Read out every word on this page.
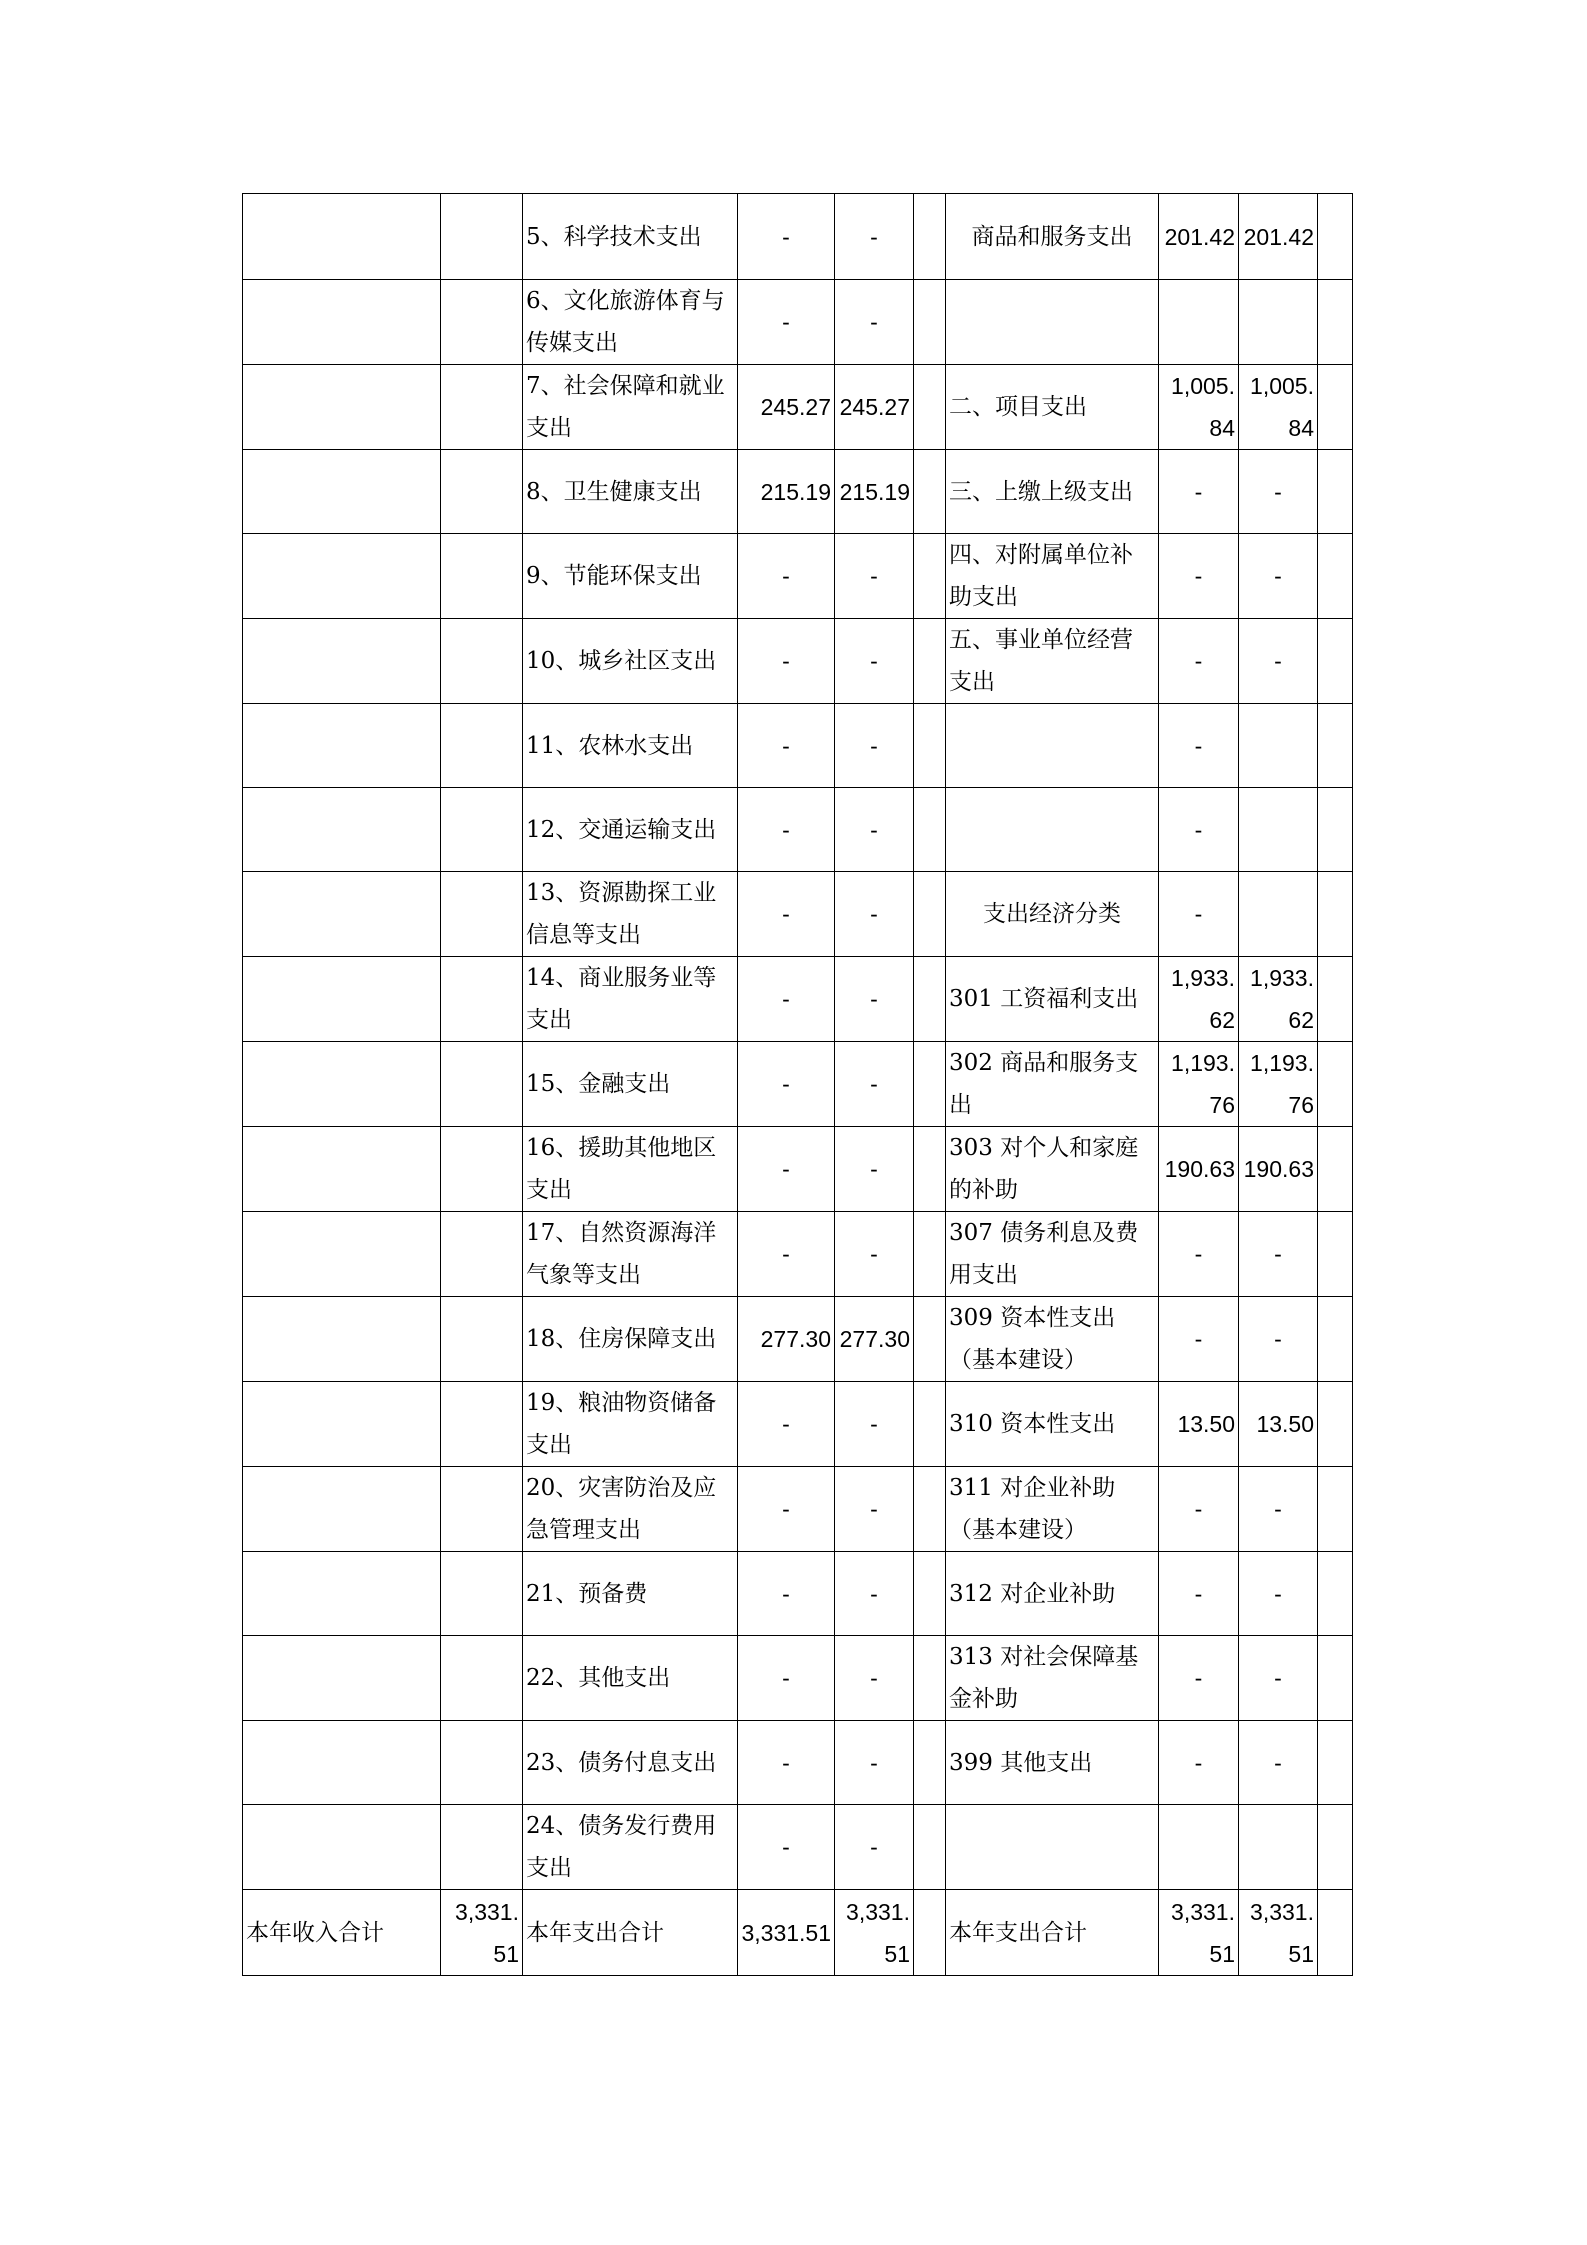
		5、科学技术支出	-	-		商品和服务支出	201.42	201.42	
		6、文化旅游体育与传媒支出	-	-					
		7、社会保障和就业支出	245.27	245.27		二、项目支出	1,005.84	1,005.84	
		8、卫生健康支出	215.19	215.19		三、上缴上级支出	-	-	
		9、节能环保支出	-	-		四、对附属单位补助支出	-	-	
		10、城乡社区支出	-	-		五、事业单位经营支出	-	-	
		11、农林水支出	-	-			-		
		12、交通运输支出	-	-			-		
		13、资源勘探工业信息等支出	-	-		支出经济分类	-		
		14、商业服务业等支出	-	-		301 工资福利支出	1,933.62	1,933.62	
		15、金融支出	-	-		302 商品和服务支出	1,193.76	1,193.76	
		16、援助其他地区支出	-	-		303 对个人和家庭的补助	190.63	190.63	
		17、自然资源海洋气象等支出	-	-		307 债务利息及费用支出	-	-	
		18、住房保障支出	277.30	277.30		309 资本性支出（基本建设）	-	-	
		19、粮油物资储备支出	-	-		310 资本性支出	13.50	13.50	
		20、灾害防治及应急管理支出	-	-		311 对企业补助（基本建设）	-	-	
		21、预备费	-	-		312 对企业补助	-	-	
		22、其他支出	-	-		313 对社会保障基金补助	-	-	
		23、债务付息支出	-	-		399 其他支出	-	-	
		24、债务发行费用支出	-	-					
本年收入合计	3,331.51	本年支出合计	3,331.51	3,331.51		本年支出合计	3,331.51	3,331.51	
